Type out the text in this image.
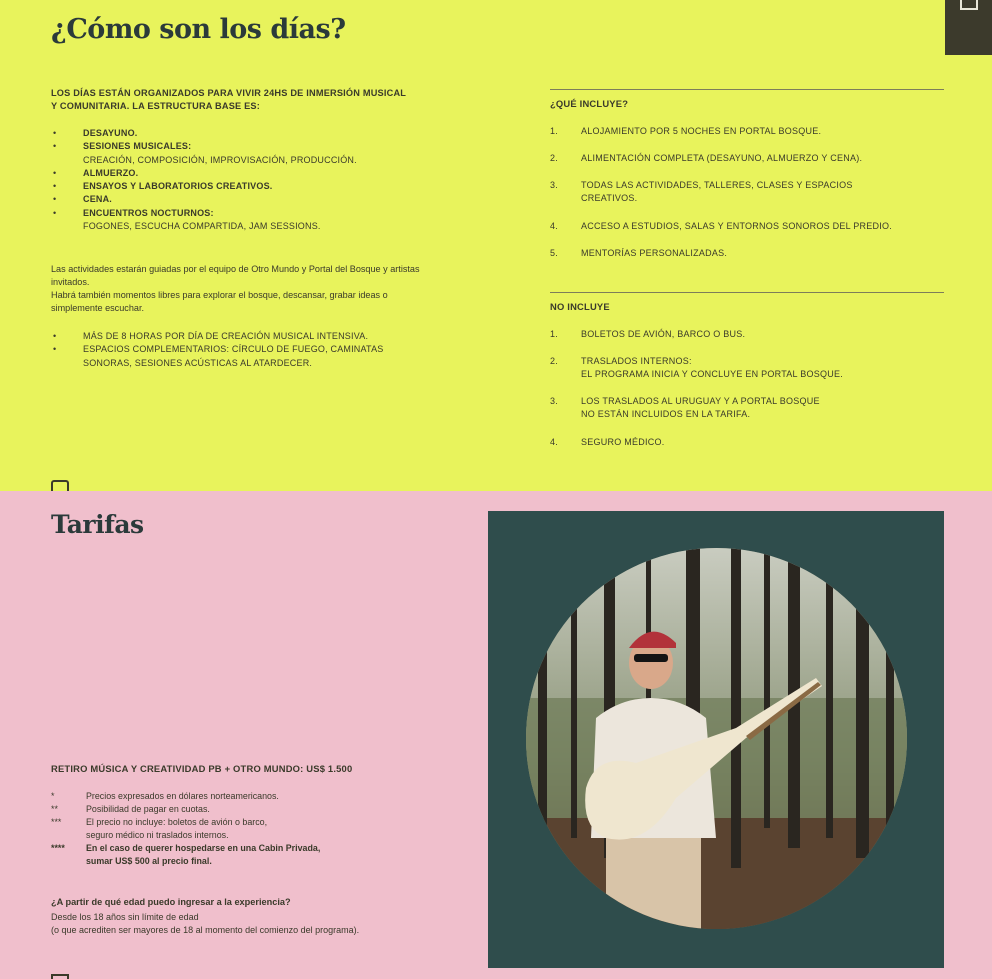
¿Cómo son los días?
LOS DÍAS ESTÁN ORGANIZADOS PARA VIVIR 24HS DE INMERSIÓN MUSICAL Y COMUNITARIA. LA ESTRUCTURA BASE ES:
• DESAYUNO.
• SESIONES MUSICALES:
CREACIÓN, COMPOSICIÓN, IMPROVISACIÓN, PRODUCCIÓN.
• ALMUERZO.
• ENSAYOS Y LABORATORIOS CREATIVOS.
• CENA.
• ENCUENTROS NOCTURNOS:
FOGONES, ESCUCHA COMPARTIDA, JAM SESSIONS.

Las actividades estarán guiadas por el equipo de Otro Mundo y Portal del Bosque y artistas invitados.

Habrá también momentos libres para explorar el bosque, descansar, grabar ideas o simplemente escuchar.

• MÁS DE 8 HORAS POR DÍA DE CREACIÓN MUSICAL INTENSIVA.
• ESPACIOS COMPLEMENTARIOS: CÍRCULO DE FUEGO, CAMINATAS SONORAS, SESIONES ACÚSTICAS AL ATARDECER.
¿QUÉ INCLUYE?
1.	ALOJAMIENTO POR 5 NOCHES EN PORTAL BOSQUE.
2.	ALIMENTACIÓN COMPLETA (DESAYUNO, ALMUERZO Y CENA).
3.	TODAS LAS ACTIVIDADES, TALLERES, CLASES Y ESPACIOS CREATIVOS.
4.	ACCESO A ESTUDIOS, SALAS Y ENTORNOS SONOROS DEL PREDIO.
5.	MENTORÍAS PERSONALIZADAS.
NO INCLUYE
1.	BOLETOS DE AVIÓN, BARCO O BUS.
2.	TRASLADOS INTERNOS:
EL PROGRAMA INICIA Y CONCLUYE EN PORTAL BOSQUE.
3.	LOS TRASLADOS AL URUGUAY Y A PORTAL BOSQUE
NO ESTÁN INCLUIDOS EN LA TARIFA.
4.	SEGURO MÉDICO.
Tarifas
RETIRO MÚSICA Y CREATIVIDAD PB + OTRO MUNDO: US$ 1.500
*	Precios expresados en dólares norteamericanos.
**	Posibilidad de pagar en cuotas.
***	El precio no incluye: boletos de avión o barco,
seguro médico ni traslados internos.
**** En el caso de querer hospedarse en una Cabin Privada,
sumar US$ 500 al precio final.
¿A partir de qué edad puedo ingresar a la experiencia?

Desde los 18 años sin límite de edad

(o que acrediten ser mayores de 18 al momento del comienzo del programa).
